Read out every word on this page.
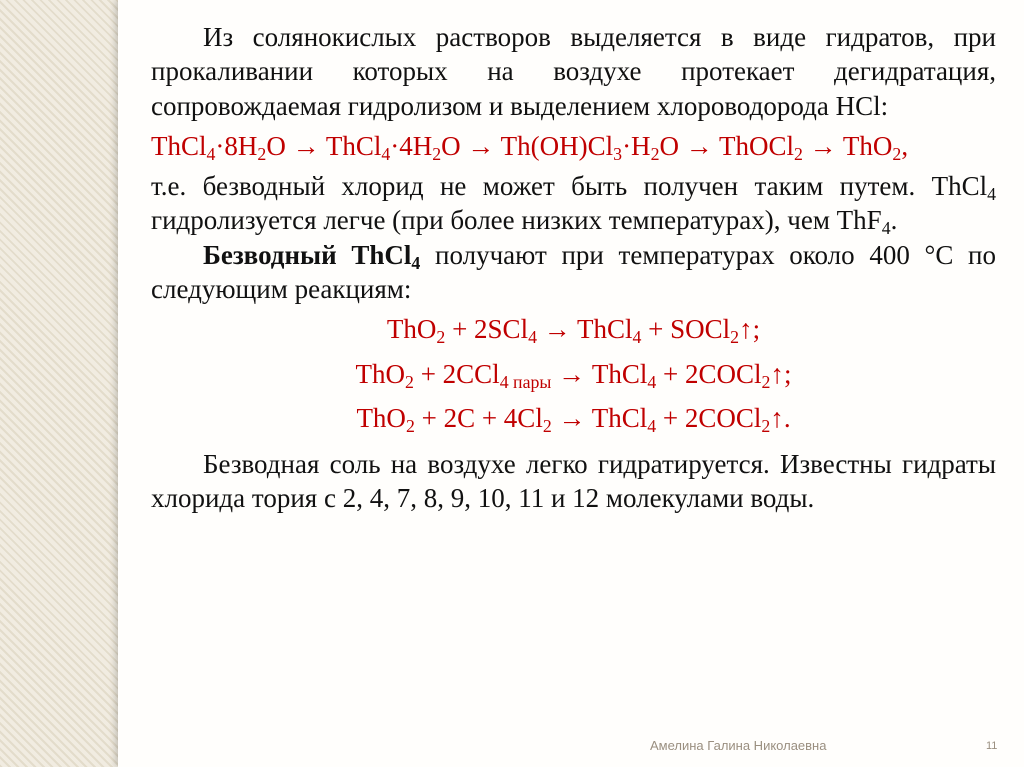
Из солянокислых растворов выделяется в виде гидратов, при прокаливании которых на воздухе протекает дегидратация, сопровождаемая гидролизом и выделением хлороводорода HCl:

$ThCl_4\cdot 8H_2O$ → $ThCl_4\cdot 4H_2O \to Th(OH)Cl_3\cdot H_2O$ → ThOCl$_2$ → ThO$_2$,

т.е. безводный хлорид не может быть получен таким путем. ThCl$_4$ гидролизуется легче (при более низких температурах), чем ThF$_4$.

Безводный ThCl$_4$ получают при температурах около 400 °С по следующим реакциям:

ThO$_2$ + 2SCl$_4$ → ThCl$_4$ + SOCl$_2$↑;

ThO$_2$ + 2CCl$_{4 пары}$ → ThCl$_4$ + 2COCl$_2$↑;

$ThO_2 + 2C + 4Cl_2$ → ThCl$_4$ + 2COCl$_2$↑.

Безводная соль на воздухе легко гидратируется. Известны гидраты хлорида тория с 2, 4, 7, 8, 9, 10, 11 и 12 молекулами воды.

Амелина Галина Николаевна	11
